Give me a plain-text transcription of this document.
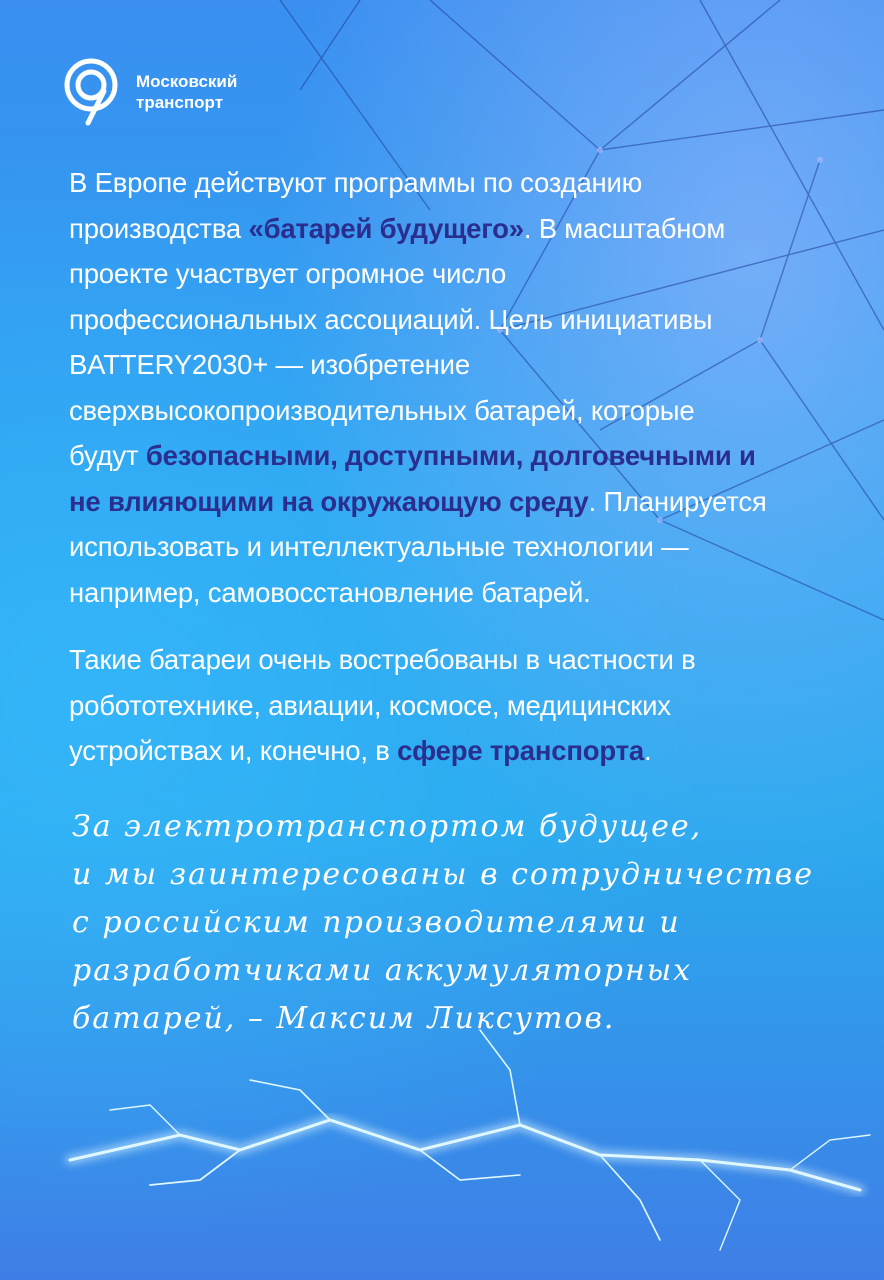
Московский
транспорт
В Европе действуют программы по созданию
производства «батарей будущего». В масштабном
проекте участвует огромное число
профессиональных ассоциаций. Цель инициативы
BATTERY2030+ — изобретение
сверхвысокопроизводительных батарей, которые
будут безопасными, доступными, долговечными и
не влияющими на окружающую среду. Планируется
использовать и интеллектуальные технологии —
например, самовосстановление батарей.
Такие батареи очень востребованы в частности в
робототехнике, авиации, космосе, медицинских
устройствах и, конечно, в сфере транспорта.
За электротранспортом будущее,
и мы заинтересованы в сотрудничестве
с российским производителями и
разработчиками аккумуляторных
батарей, – Максим Ликсутов.
